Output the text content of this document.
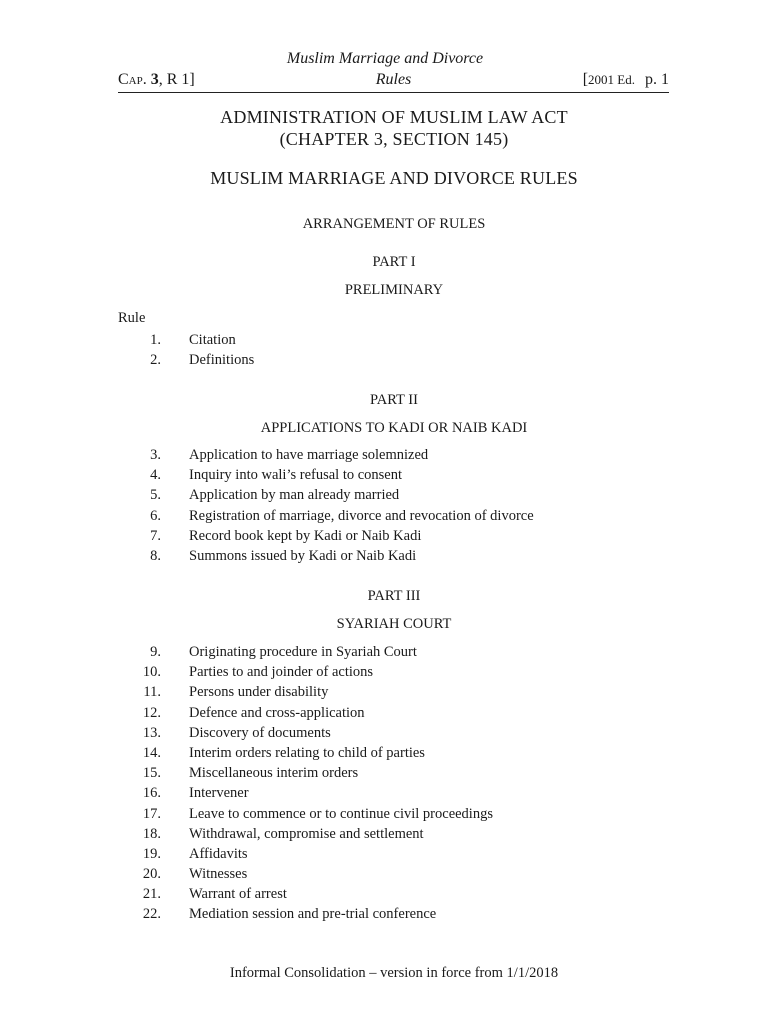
Muslim Marriage and Divorce
Cap. 3, R 1]	Rules	[2001 Ed. p. 1
ADMINISTRATION OF MUSLIM LAW ACT
(CHAPTER 3, SECTION 145)
MUSLIM MARRIAGE AND DIVORCE RULES
ARRANGEMENT OF RULES
PART I
PRELIMINARY
Rule
1. Citation
2. Definitions
PART II
APPLICATIONS TO KADI OR NAIB KADI
3. Application to have marriage solemnized
4. Inquiry into wali’s refusal to consent
5. Application by man already married
6. Registration of marriage, divorce and revocation of divorce
7. Record book kept by Kadi or Naib Kadi
8. Summons issued by Kadi or Naib Kadi
PART III
SYARIAH COURT
9. Originating procedure in Syariah Court
10. Parties to and joinder of actions
11. Persons under disability
12. Defence and cross-application
13. Discovery of documents
14. Interim orders relating to child of parties
15. Miscellaneous interim orders
16. Intervener
17. Leave to commence or to continue civil proceedings
18. Withdrawal, compromise and settlement
19. Affidavits
20. Witnesses
21. Warrant of arrest
22. Mediation session and pre-trial conference
Informal Consolidation – version in force from 1/1/2018
